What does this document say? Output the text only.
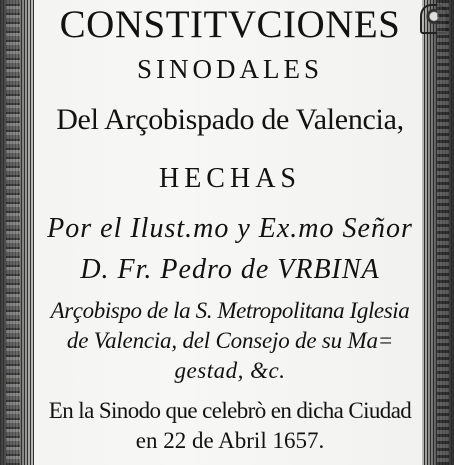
CONSTITVCIONES
SINODALES
Del Arçobispado de Valencia,
HECHAS
Por el Ilust.mo y Ex.mo Señor
D. Fr. Pedro de VRBINA
Arçobispo de la S. Metropolitana Iglesia
de Valencia, del Consejo de su Ma=
gestad, &c.
En la Sinodo que celebrò en dicha Ciudad
en 22 de Abril 1657.
